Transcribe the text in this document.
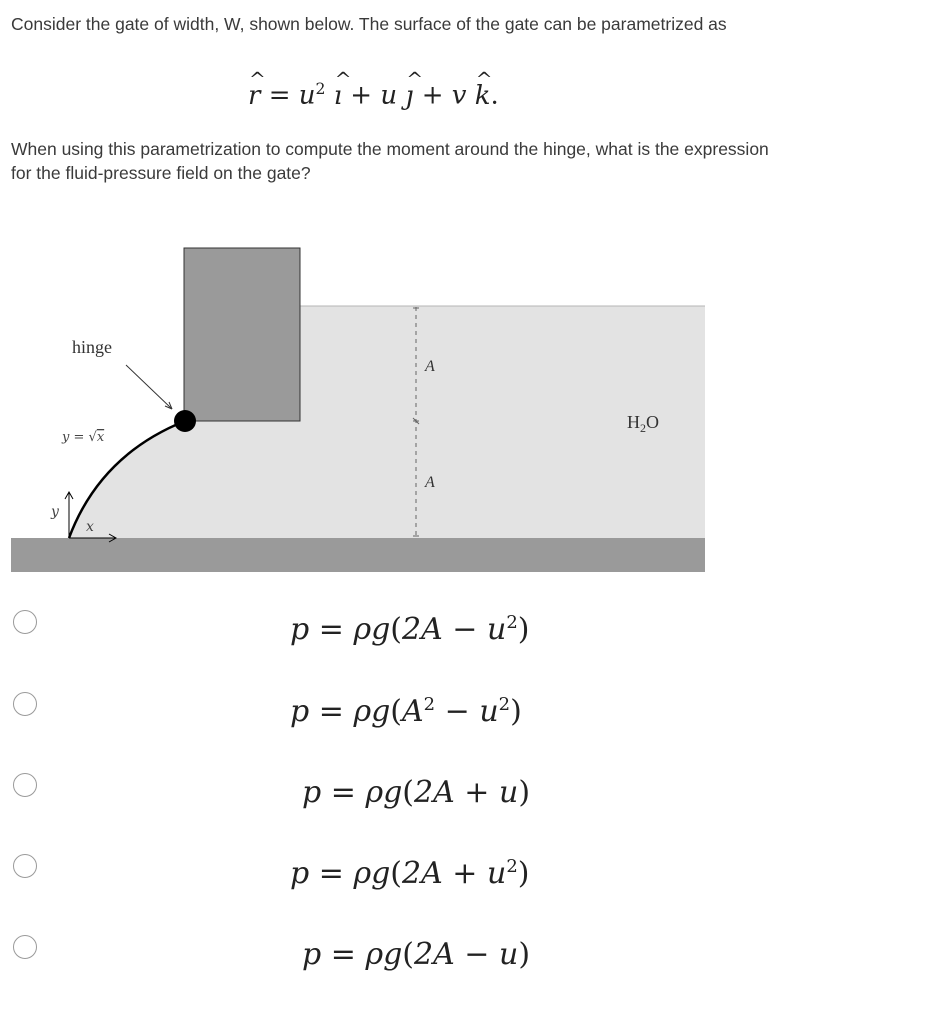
Consider the gate of width, W, shown below. The surface of the gate can be parametrized as
^ $r = u^2$ ^ ı + u ^ ȷ + v ^ k.
When using this parametrization to compute the moment around the hinge, what is the expression for the fluid-pressure field on the gate?
hinge
y = √x
y
x
A
A
$H_2O$
$p = \rho g(2A - u^2)$
$p = \rho g(A^2 - u^2)$
p = ρg(2A + u)
$p = \rho g(2A + u^2)$
p = ρg(2A − u)
